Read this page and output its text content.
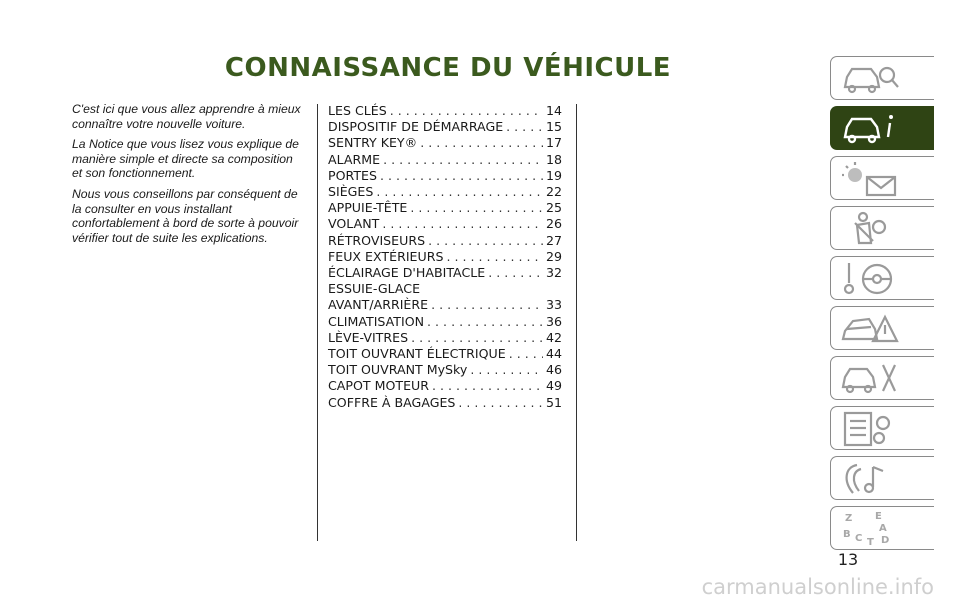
CONNAISSANCE DU VÉHICULE

C'est ici que vous allez apprendre à mieux connaître votre nouvelle voiture.

La Notice que vous lisez vous explique de manière simple et directe sa composition et son fonctionnement.

Nous vous conseillons par conséquent de la consulter en vous installant confortablement à bord de sorte à pouvoir vérifier tout de suite les explications.

LES CLÉS . . .	14
DISPOSITIF DE DÉMARRAGE . . .	15
SENTRY KEY® . . .	17
ALARME . . .	18
PORTES . . .	19
SIÈGES . . .	22
APPUIE-TÊTE . . .	25
VOLANT . . .	26
RÉTROVISEURS . . .	27
FEUX EXTÉRIEURS . . .	29
ÉCLAIRAGE D'HABITACLE . . .	32
ESSUIE-GLACE
AVANT/ARRIÈRE . . .	33
CLIMATISATION . . .	36
LÈVE-VITRES . . .	42
TOIT OUVRANT ÉLECTRIQUE . . .	44
TOIT OUVRANT MySky . . .	46
CAPOT MOTEUR . . .	49
COFFRE À BAGAGES . . .	51
Z E
B
A
C T D
13
carmanualsonline.info
